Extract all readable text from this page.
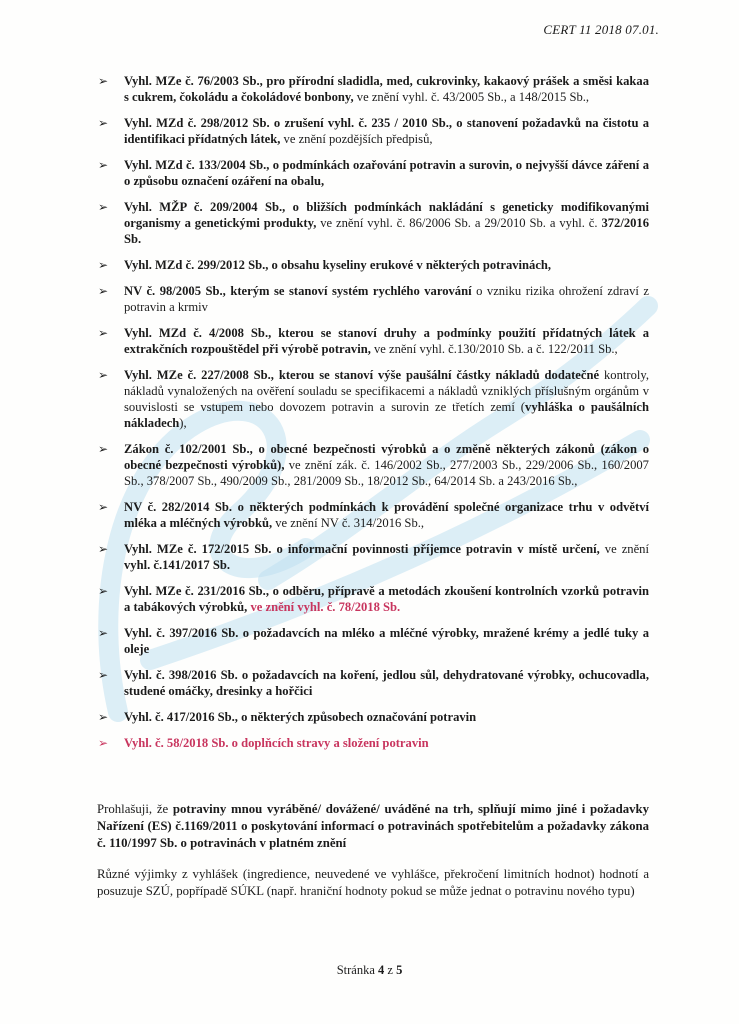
CERT 11 2018 07.01.
➢ Vyhl. MZe č. 76/2003 Sb., pro přírodní sladidla, med, cukrovinky, kakaový prášek a směsi kakaa s cukrem, čokoládu a čokoládové bonbony, ve znění vyhl. č. 43/2005 Sb., a 148/2015 Sb.,
➢ Vyhl. MZd č. 298/2012 Sb. o zrušení vyhl. č. 235 / 2010 Sb., o stanovení požadavků na čistotu a identifikaci přídatných látek, ve znění pozdějších předpisů,
➢ Vyhl. MZd č. 133/2004 Sb., o podmínkách ozařování potravin a surovin, o nejvyšší dávce záření a o způsobu označení ozáření na obalu,
➢ Vyhl. MŽP č. 209/2004 Sb., o bližších podmínkách nakládání s geneticky modifikovanými organismy a genetickými produkty, ve znění vyhl. č. 86/2006 Sb. a 29/2010 Sb. a vyhl. č. 372/2016 Sb.
➢ Vyhl. MZd č. 299/2012 Sb., o obsahu kyseliny erukové v některých potravinách,
➢ NV č. 98/2005 Sb., kterým se stanoví systém rychlého varování o vzniku rizika ohrožení zdraví z potravin a krmiv
➢ Vyhl. MZd č. 4/2008 Sb., kterou se stanoví druhy a podmínky použití přídatných látek a extrakčních rozpouštědel při výrobě potravin, ve znění vyhl. č.130/2010 Sb. a č. 122/2011 Sb.,
➢ Vyhl. MZe č. 227/2008 Sb., kterou se stanoví výše paušální částky nákladů dodatečné kontroly, nákladů vynaložených na ověření souladu se specifikacemi a nákladů vzniklých příslušným orgánům v souvislosti se vstupem nebo dovozem potravin a surovin ze třetích zemí (vyhláška o paušálních nákladech),
➢ Zákon č. 102/2001 Sb., o obecné bezpečnosti výrobků a o změně některých zákonů (zákon o obecné bezpečnosti výrobků), ve znění zák. č. 146/2002 Sb., 277/2003 Sb., 229/2006 Sb., 160/2007 Sb., 378/2007 Sb., 490/2009 Sb., 281/2009 Sb., 18/2012 Sb., 64/2014 Sb. a 243/2016 Sb.,
➢ NV č. 282/2014 Sb. o některých podmínkách k provádění společné organizace trhu v odvětví mléka a mléčných výrobků, ve znění NV č. 314/2016 Sb.,
➢ Vyhl. MZe č. 172/2015 Sb. o informační povinnosti příjemce potravin v místě určení, ve znění vyhl. č.141/2017 Sb.
➢ Vyhl. MZe č. 231/2016 Sb., o odběru, přípravě a metodách zkoušení kontrolních vzorků potravin a tabákových výrobků, ve znění vyhl. č. 78/2018 Sb.
➢ Vyhl. č. 397/2016 Sb. o požadavcích na mléko a mléčné výrobky, mražené krémy a jedlé tuky a oleje
➢ Vyhl. č. 398/2016 Sb. o požadavcích na koření, jedlou sůl, dehydratované výrobky, ochucovadla, studené omáčky, dresinky a hořčici
➢ Vyhl. č. 417/2016 Sb., o některých způsobech označování potravin
➢ Vyhl. č. 58/2018 Sb. o doplňcích stravy a složení potravin

Prohlašuji, že potraviny mnou vyráběné/ dovážené/ uváděné na trh, splňují mimo jiné i požadavky Nařízení (ES) č.1169/2011 o poskytování informací o potravinách spotřebitelům a požadavky zákona č. 110/1997 Sb. o potravinách v platném znění

Různé výjimky z vyhlášek (ingredience, neuvedené ve vyhlášce, překročení limitních hodnot) hodnotí a posuzuje SZÚ, popřípadě SÚKL (např. hraniční hodnoty pokud se může jednat o potravinu nového typu)

Stránka 4 z 5
